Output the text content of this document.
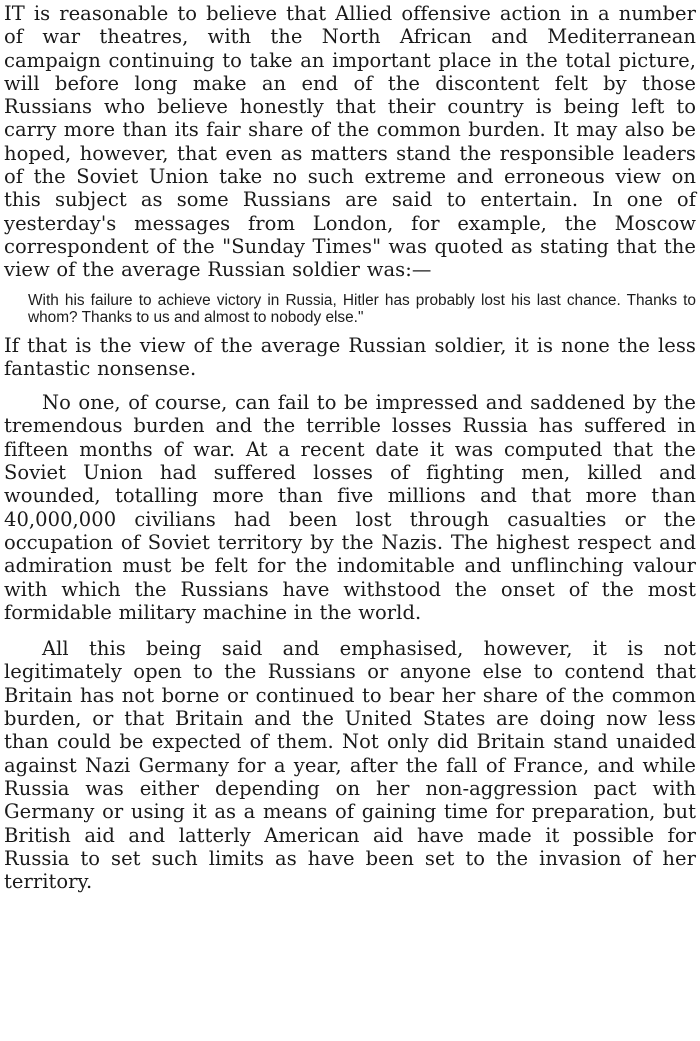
IT is reasonable to believe that Allied offensive action in a number of war theatres, with the North African and Mediterranean campaign continuing to take an important place in the total picture, will before long make an end of the discontent felt by those Russians who believe honestly that their country is being left to carry more than its fair share of the common burden. It may also be hoped, however, that even as matters stand the responsible leaders of the Soviet Union take no such extreme and erroneous view on this subject as some Russians are said to entertain. In one of yesterday's messages from London, for example, the Moscow correspondent of the "Sunday Times" was quoted as stating that the view of the average Russian soldier was:—

With his failure to achieve victory in Russia, Hitler has probably lost his last chance. Thanks to whom? Thanks to us and almost to nobody else."

If that is the view of the average Russian soldier, it is none the less fantastic nonsense.

No one, of course, can fail to be impressed and saddened by the tremendous burden and the terrible losses Russia has suffered in fifteen months of war. At a recent date it was computed that the Soviet Union had suffered losses of fighting men, killed and wounded, totalling more than five millions and that more than 40,000,000 civilians had been lost through casualties or the occupation of Soviet territory by the Nazis. The highest respect and admiration must be felt for the indomitable and unflinching valour with which the Russians have withstood the onset of the most formidable military machine in the world.

All this being said and emphasised, however, it is not legitimately open to the Russians or anyone else to contend that Britain has not borne or continued to bear her share of the common burden, or that Britain and the United States are doing now less than could be expected of them. Not only did Britain stand unaided against Nazi Germany for a year, after the fall of France, and while Russia was either depending on her non-aggression pact with Germany or using it as a means of gaining time for preparation, but British aid and latterly American aid have made it possible for Russia to set such limits as have been set to the invasion of her territory.
